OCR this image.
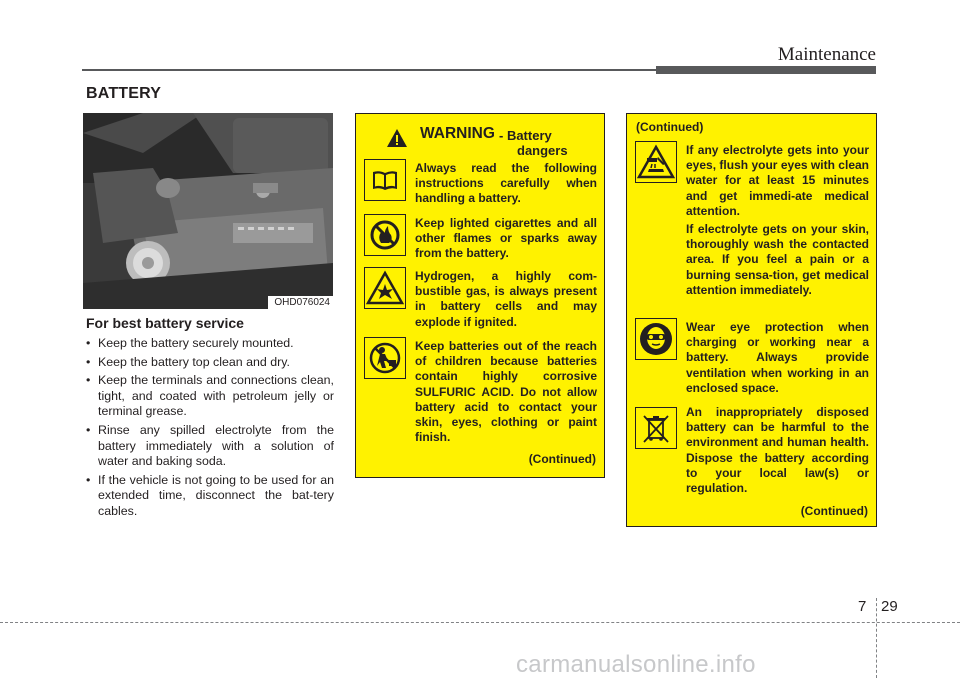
Maintenance
BATTERY
OHD076024
For best battery service
• Keep the battery securely mounted.
• Keep the battery top clean and dry.
• Keep the terminals and connections clean, tight, and coated with petroleum jelly or terminal grease.
• Rinse any spilled electrolyte from the battery immediately with a solution of water and baking soda.
• If the vehicle is not going to be used for an extended time, disconnect the bat-tery cables.
WARNING - Battery
dangers
Always read the following instructions carefully when handling a battery.
Keep lighted cigarettes and all other flames or sparks away from the battery.
Hydrogen, a highly com-bustible gas, is always present in battery cells and may explode if ignited.
Keep batteries out of the reach of children because batteries contain highly corrosive SULFURIC ACID. Do not allow battery acid to contact your skin, eyes, clothing or paint finish.
(Continued)
(Continued)
If any electrolyte gets into your eyes, flush your eyes with clean water for at least 15 minutes and get immedi-ate medical attention.
If electrolyte gets on your skin, thoroughly wash the contacted area. If you feel a pain or a burning sensa-tion, get medical attention immediately.
Wear eye protection when charging or working near a battery. Always provide ventilation when working in an enclosed space.
An inappropriately disposed battery can be harmful to the environment and human health. Dispose the battery according to your local law(s) or regulation.
(Continued)
7 29
carmanualsonline.info
